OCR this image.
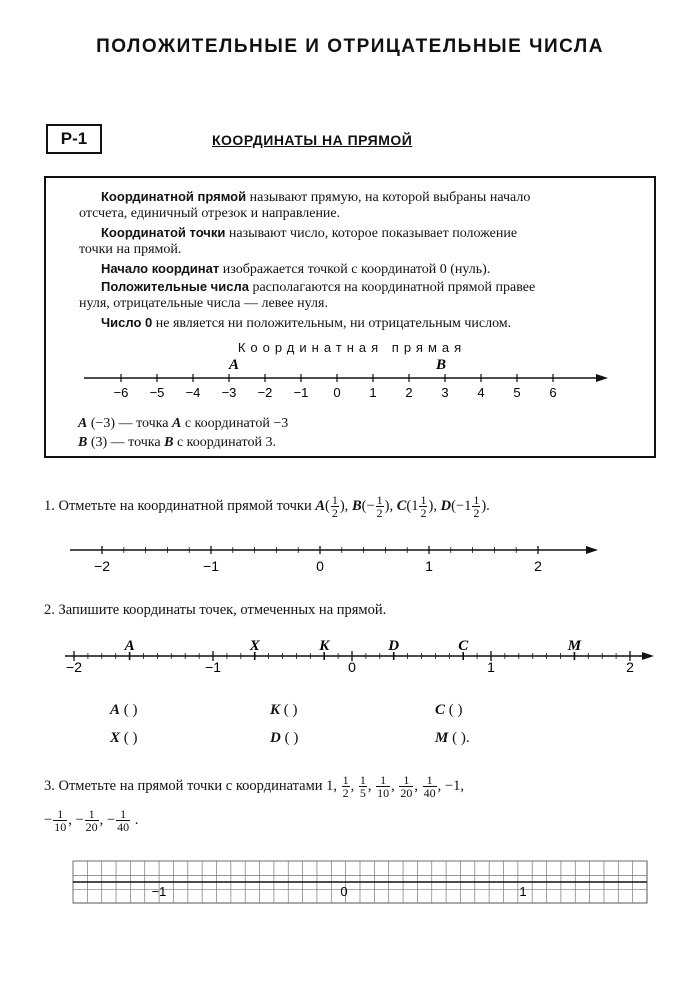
ПОЛОЖИТЕЛЬНЫЕ И ОТРИЦАТЕЛЬНЫЕ ЧИСЛА
Р-1	КООРДИНАТЫ НА ПРЯМОЙ
Координатной прямой называют прямую, на которой выбраны начало
отсчета, единичный отрезок и направление.
Координатой точки называют число, которое показывает положение
точки на прямой.
Начало координат изображается точкой с координатой 0 (нуль).
Положительные числа располагаются на координатной прямой правее
нуля, отрицательные числа — левее нуля.
Число 0 не является ни положительным, ни отрицательным числом.
Координатная прямая
−6 −5 −4 −3 −2 −1 0 1 2 3 4 5 6
A	B
A (−3) — точка A с координатой −3
B (3) — точка B с координатой 3.
1. Отметьте на координатной прямой точки $A( \frac{1}{2}$ ), $B(- \frac{1}{2}$ ), $C(1 \frac{1}{2}$ ), $D(-1 \frac{1}{2}$ ).
−2	−1	0	1	2
2. Запишите координаты точек, отмеченных на прямой.
−2	−1	0	1	2
A	X	K	D	C	M
A ( )	K ( )	C ( )
X ( )	D ( )	M ( ).
3. Отметьте на прямой точки с координатами 1, $\frac{1}{2}$ , $\frac{1}{5}$ , $\frac{1}{10}$ , $\frac{1}{20}$ , $\frac{1}{40}$ , −1,
− $\frac{1}{10}$ , − $\frac{1}{20}$ , − $\frac{1}{40}$ .
−1	0	1
